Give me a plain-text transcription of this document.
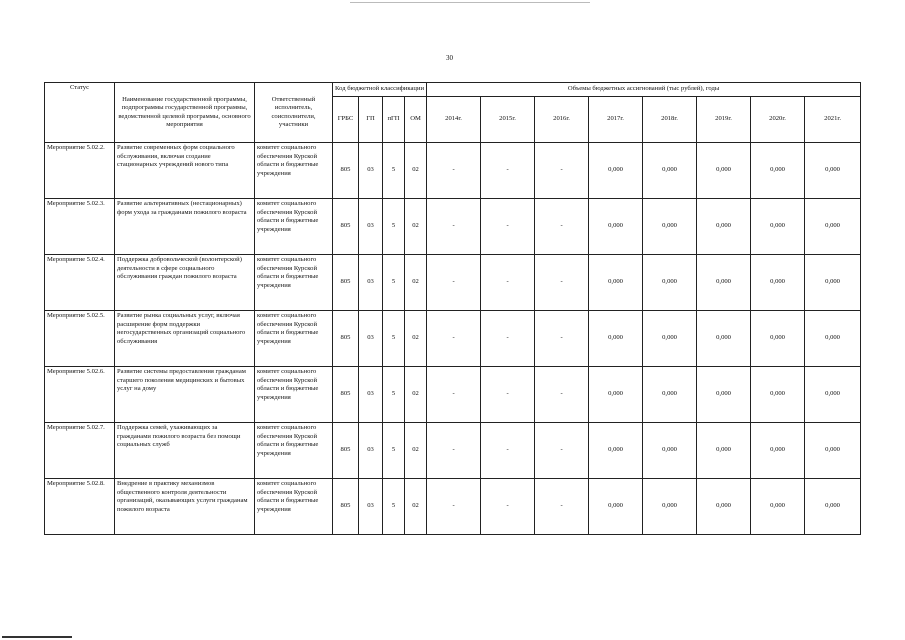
30
Статус	Наименование государственной программы, подпрограммы государственной программы, ведомственной целевой программы, основного мероприятия	Ответственный исполнитель, соисполнители, участники	Код бюджетной классификации				Объемы бюджетных ассигнований (тыс рублей), годы							
			ГРБС	ГП	пГП	ОМ	2014г.	2015г.	2016г.	2017г.	2018г.	2019г.	2020г.	2021г.
Мероприятие 5.02.2.	Развитие современных форм социального обслуживания, включая создание стационарных учреждений нового типа	комитет социального обеспечения Курской области и бюджетные учреждения	805	03	5	02	-	-	-	0,000	0,000	0,000	0,000	0,000
Мероприятие 5.02.3.	Развитие альтернативных (нестационарных) форм ухода за гражданами пожилого возраста	комитет социального обеспечения Курской области и бюджетные учреждения	805	03	5	02	-	-	-	0,000	0,000	0,000	0,000	0,000
Мероприятие 5.02.4.	Поддержка добровольческой (волонтерской) деятельности в сфере социального обслуживания граждан пожилого возраста	комитет социального обеспечения Курской области и бюджетные учреждения	805	03	5	02	-	-	-	0,000	0,000	0,000	0,000	0,000
Мероприятие 5.02.5.	Развитие рынка социальных услуг, включая расширение форм поддержки негосударственных организаций социального обслуживания	комитет социального обеспечения Курской области и бюджетные учреждения	805	03	5	02	-	-	-	0,000	0,000	0,000	0,000	0,000
Мероприятие 5.02.6.	Развитие системы предоставления гражданам старшего поколения медицинских и бытовых услуг на дому	комитет социального обеспечения Курской области и бюджетные учреждения	805	03	5	02	-	-	-	0,000	0,000	0,000	0,000	0,000
Мероприятие 5.02.7.	Поддержка семей, ухаживающих за гражданами пожилого возраста без помощи социальных служб	комитет социального обеспечения Курской области и бюджетные учреждения	805	03	5	02	-	-	-	0,000	0,000	0,000	0,000	0,000
Мероприятие 5.02.8.	Внедрение в практику механизмов общественного контроля деятельности организаций, оказывающих услуги гражданам пожилого возраста	комитет социального обеспечения Курской области и бюджетные учреждения	805	03	5	02	-	-	-	0,000	0,000	0,000	0,000	0,000
